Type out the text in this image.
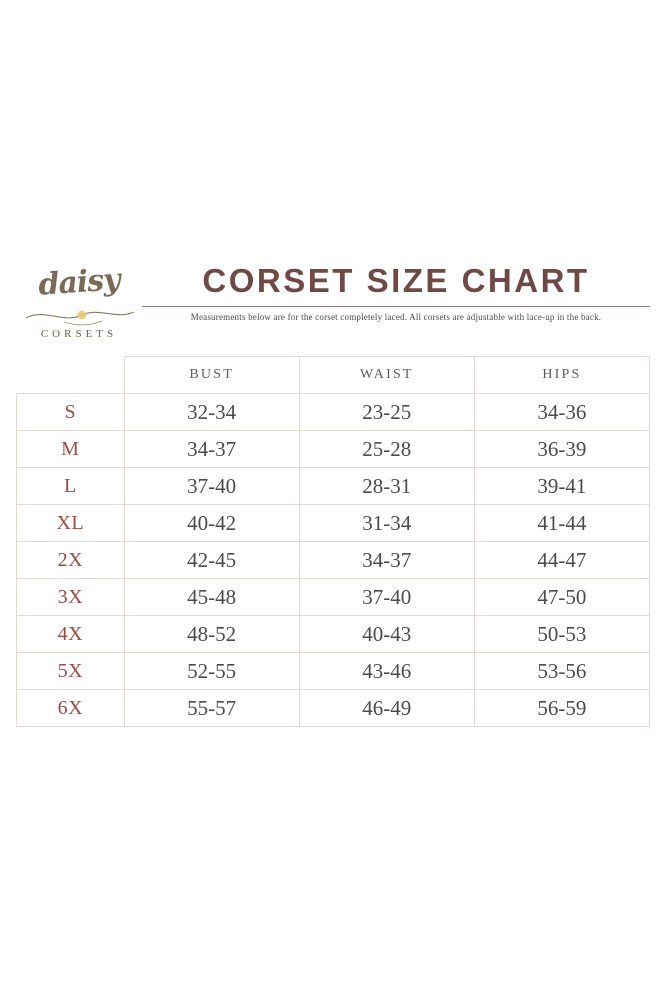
daisy
CORSETS
CORSET SIZE CHART
Measurements below are for the corset completely laced. All corsets are adjustable with lace-up in the back.
	BUST	WAIST	HIPS
S	32-34	23-25	34-36
M	34-37	25-28	36-39
L	37-40	28-31	39-41
XL	40-42	31-34	41-44
2X	42-45	34-37	44-47
3X	45-48	37-40	47-50
4X	48-52	40-43	50-53
5X	52-55	43-46	53-56
6X	55-57	46-49	56-59
